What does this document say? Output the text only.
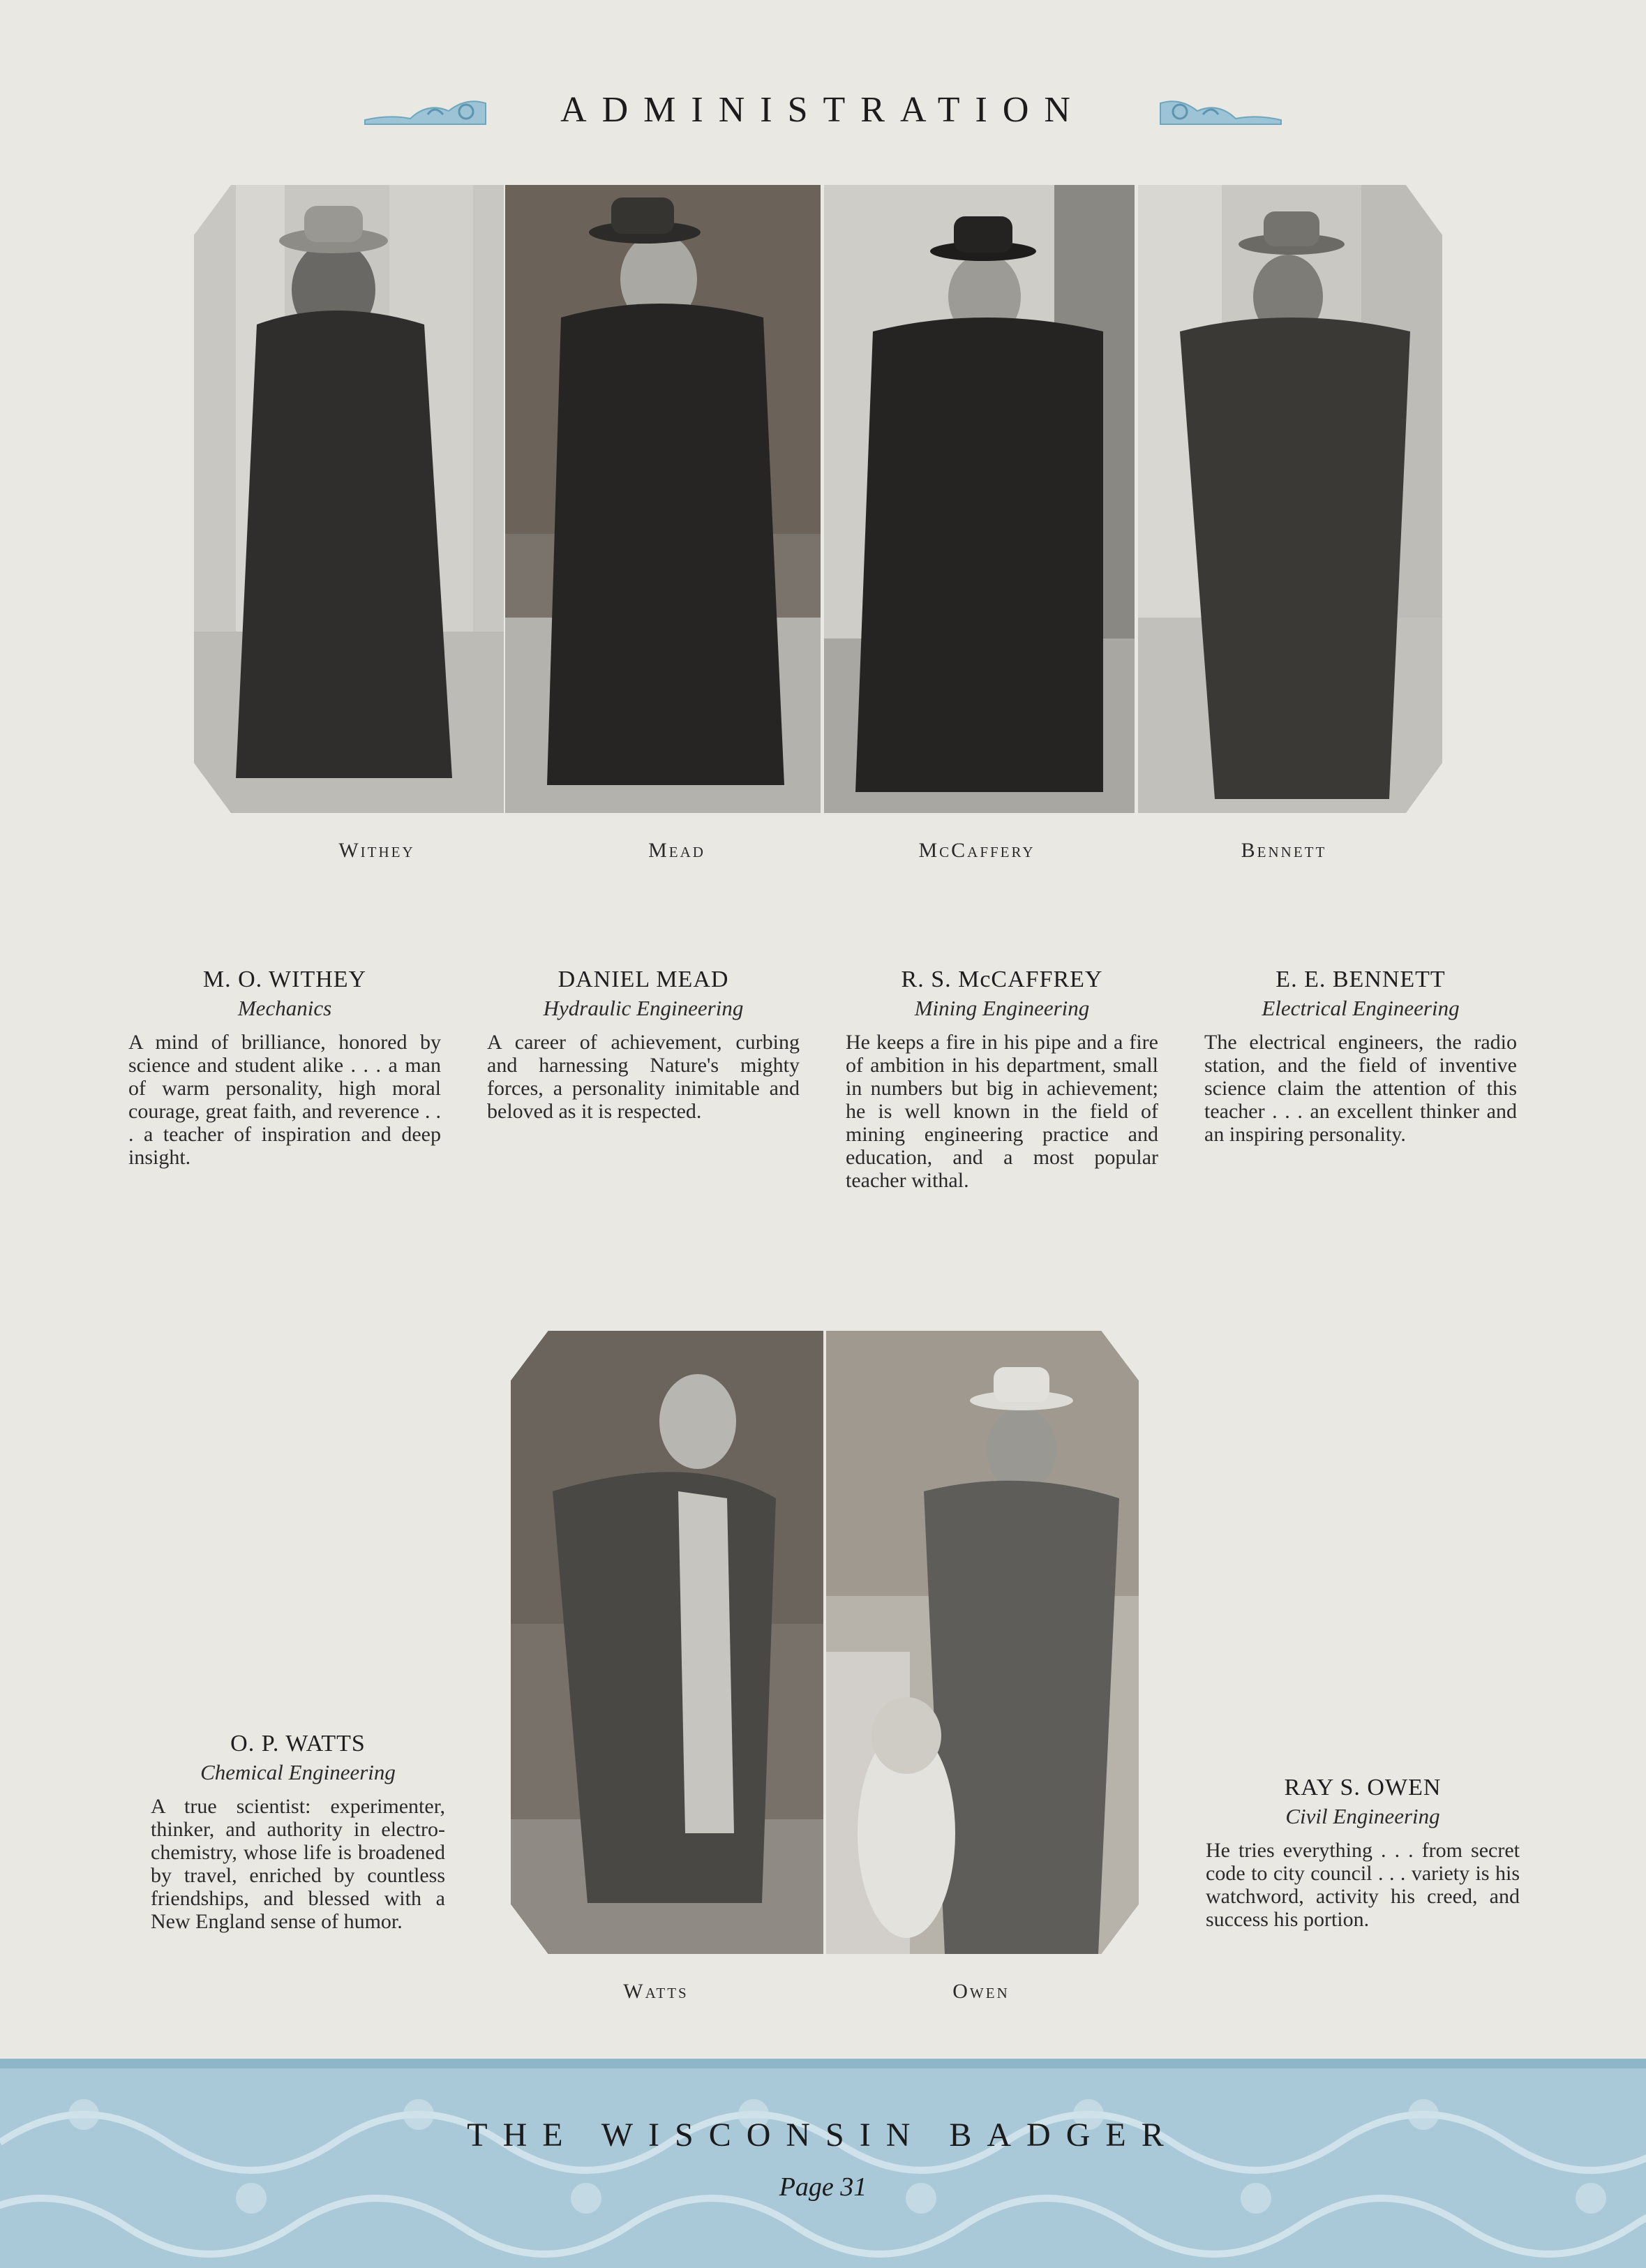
ADMINISTRATION
Withey	Mead	McCaffery	Bennett
M. O. WITHEY
Mechanics
A mind of brilliance, honored by science and student alike . . . a man of warm personality, high moral courage, great faith, and reverence . . . a teacher of inspiration and deep insight.
DANIEL MEAD
Hydraulic Engineering
A career of achievement, curbing and harnessing Nature's mighty forces, a personality inimitable and beloved as it is respected.
R. S. McCAFFREY
Mining Engineering
He keeps a fire in his pipe and a fire of ambition in his department, small in numbers but big in achievement; he is well known in the field of mining engineering practice and education, and a most popular teacher withal.
E. E. BENNETT
Electrical Engineering
The electrical engineers, the radio station, and the field of inventive science claim the attention of this teacher . . . an excellent thinker and an inspiring personality.
Watts	Owen
O. P. WATTS
Chemical Engineering
A true scientist: experimenter, thinker, and authority in electro-chemistry, whose life is broadened by travel, enriched by countless friendships, and blessed with a New England sense of humor.
RAY S. OWEN
Civil Engineering
He tries everything . . . from secret code to city council . . . variety is his watchword, activity his creed, and success his portion.
THE WISCONSIN BADGER
Page 31
